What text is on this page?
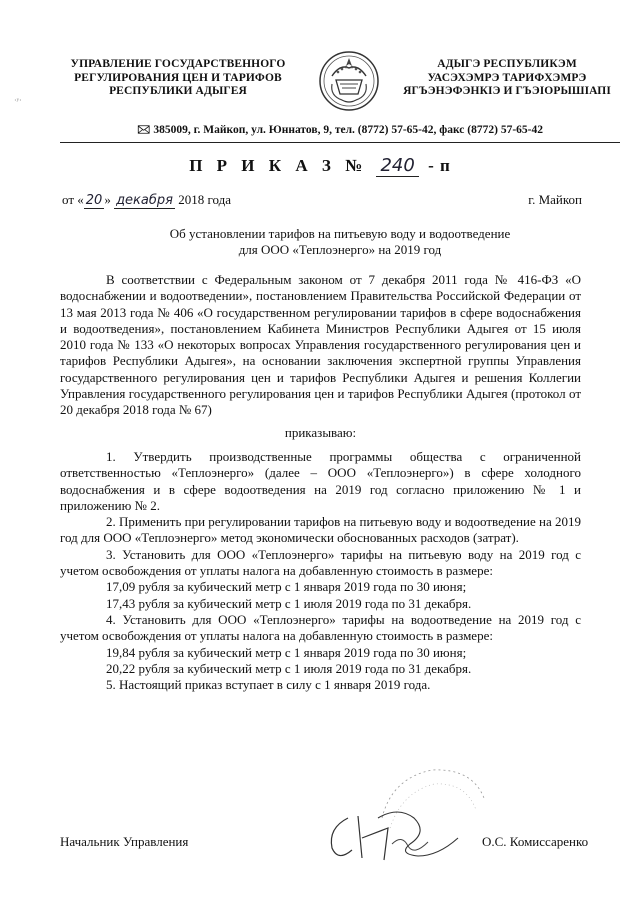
·ʸ·
УПРАВЛЕНИЕ ГОСУДАРСТВЕННОГО
РЕГУЛИРОВАНИЯ ЦЕН И ТАРИФОВ
РЕСПУБЛИКИ АДЫГЕЯ
АДЫГЭ РЕСПУБЛИКЭМ
УАСЭХЭМРЭ ТАРИФХЭМРЭ
ЯГЪЭНЭФЭНКIЭ И ГЪЭIОРЫШIАПI
🖂 385009, г. Майкоп, ул. Юннатов, 9, тел. (8772) 57-65-42, факс (8772) 57-65-42
П Р И К А З № 240 - п
от « 20 » декабря 2018 года	г. Майкоп
Об установлении тарифов на питьевую воду и водоотведение
для ООО «Теплоэнерго» на 2019 год

В соответствии с Федеральным законом от 7 декабря 2011 года № 416-ФЗ «О водоснабжении и водоотведении», постановлением Правительства Российской Федерации от 13 мая 2013 года № 406 «О государственном регулировании тарифов в сфере водоснабжения и водоотведения», постановлением Кабинета Министров Республики Адыгея от 15 июля 2010 года № 133 «О некоторых вопросах Управления государственного регулирования цен и тарифов Республики Адыгея», на основании заключения экспертной группы Управления государственного регулирования цен и тарифов Республики Адыгея и решения Коллегии Управления государственного регулирования цен и тарифов Республики Адыгея (протокол от 20 декабря 2018 года № 67)

приказываю:

1. Утвердить производственные программы общества с ограниченной ответственностью «Теплоэнерго» (далее – ООО «Теплоэнерго») в сфере холодного водоснабжения и в сфере водоотведения на 2019 год согласно приложению № 1 и приложению № 2.

2. Применить при регулировании тарифов на питьевую воду и водоотведение на 2019 год для ООО «Теплоэнерго» метод экономически обоснованных расходов (затрат).

3. Установить для ООО «Теплоэнерго» тарифы на питьевую воду на 2019 год с учетом освобождения от уплаты налога на добавленную стоимость в размере:

17,09 рубля за кубический метр с 1 января 2019 года по 30 июня;

17,43 рубля за кубический метр с 1 июля 2019 года по 31 декабря.

4. Установить для ООО «Теплоэнерго» тарифы на водоотведение на 2019 год с учетом освобождения от уплаты налога на добавленную стоимость в размере:

19,84 рубля за кубический метр с 1 января 2019 года по 30 июня;

20,22 рубля за кубический метр с 1 июля 2019 года по 31 декабря.

5. Настоящий приказ вступает в силу с 1 января 2019 года.

Начальник Управления	О.С. Комиссаренко
